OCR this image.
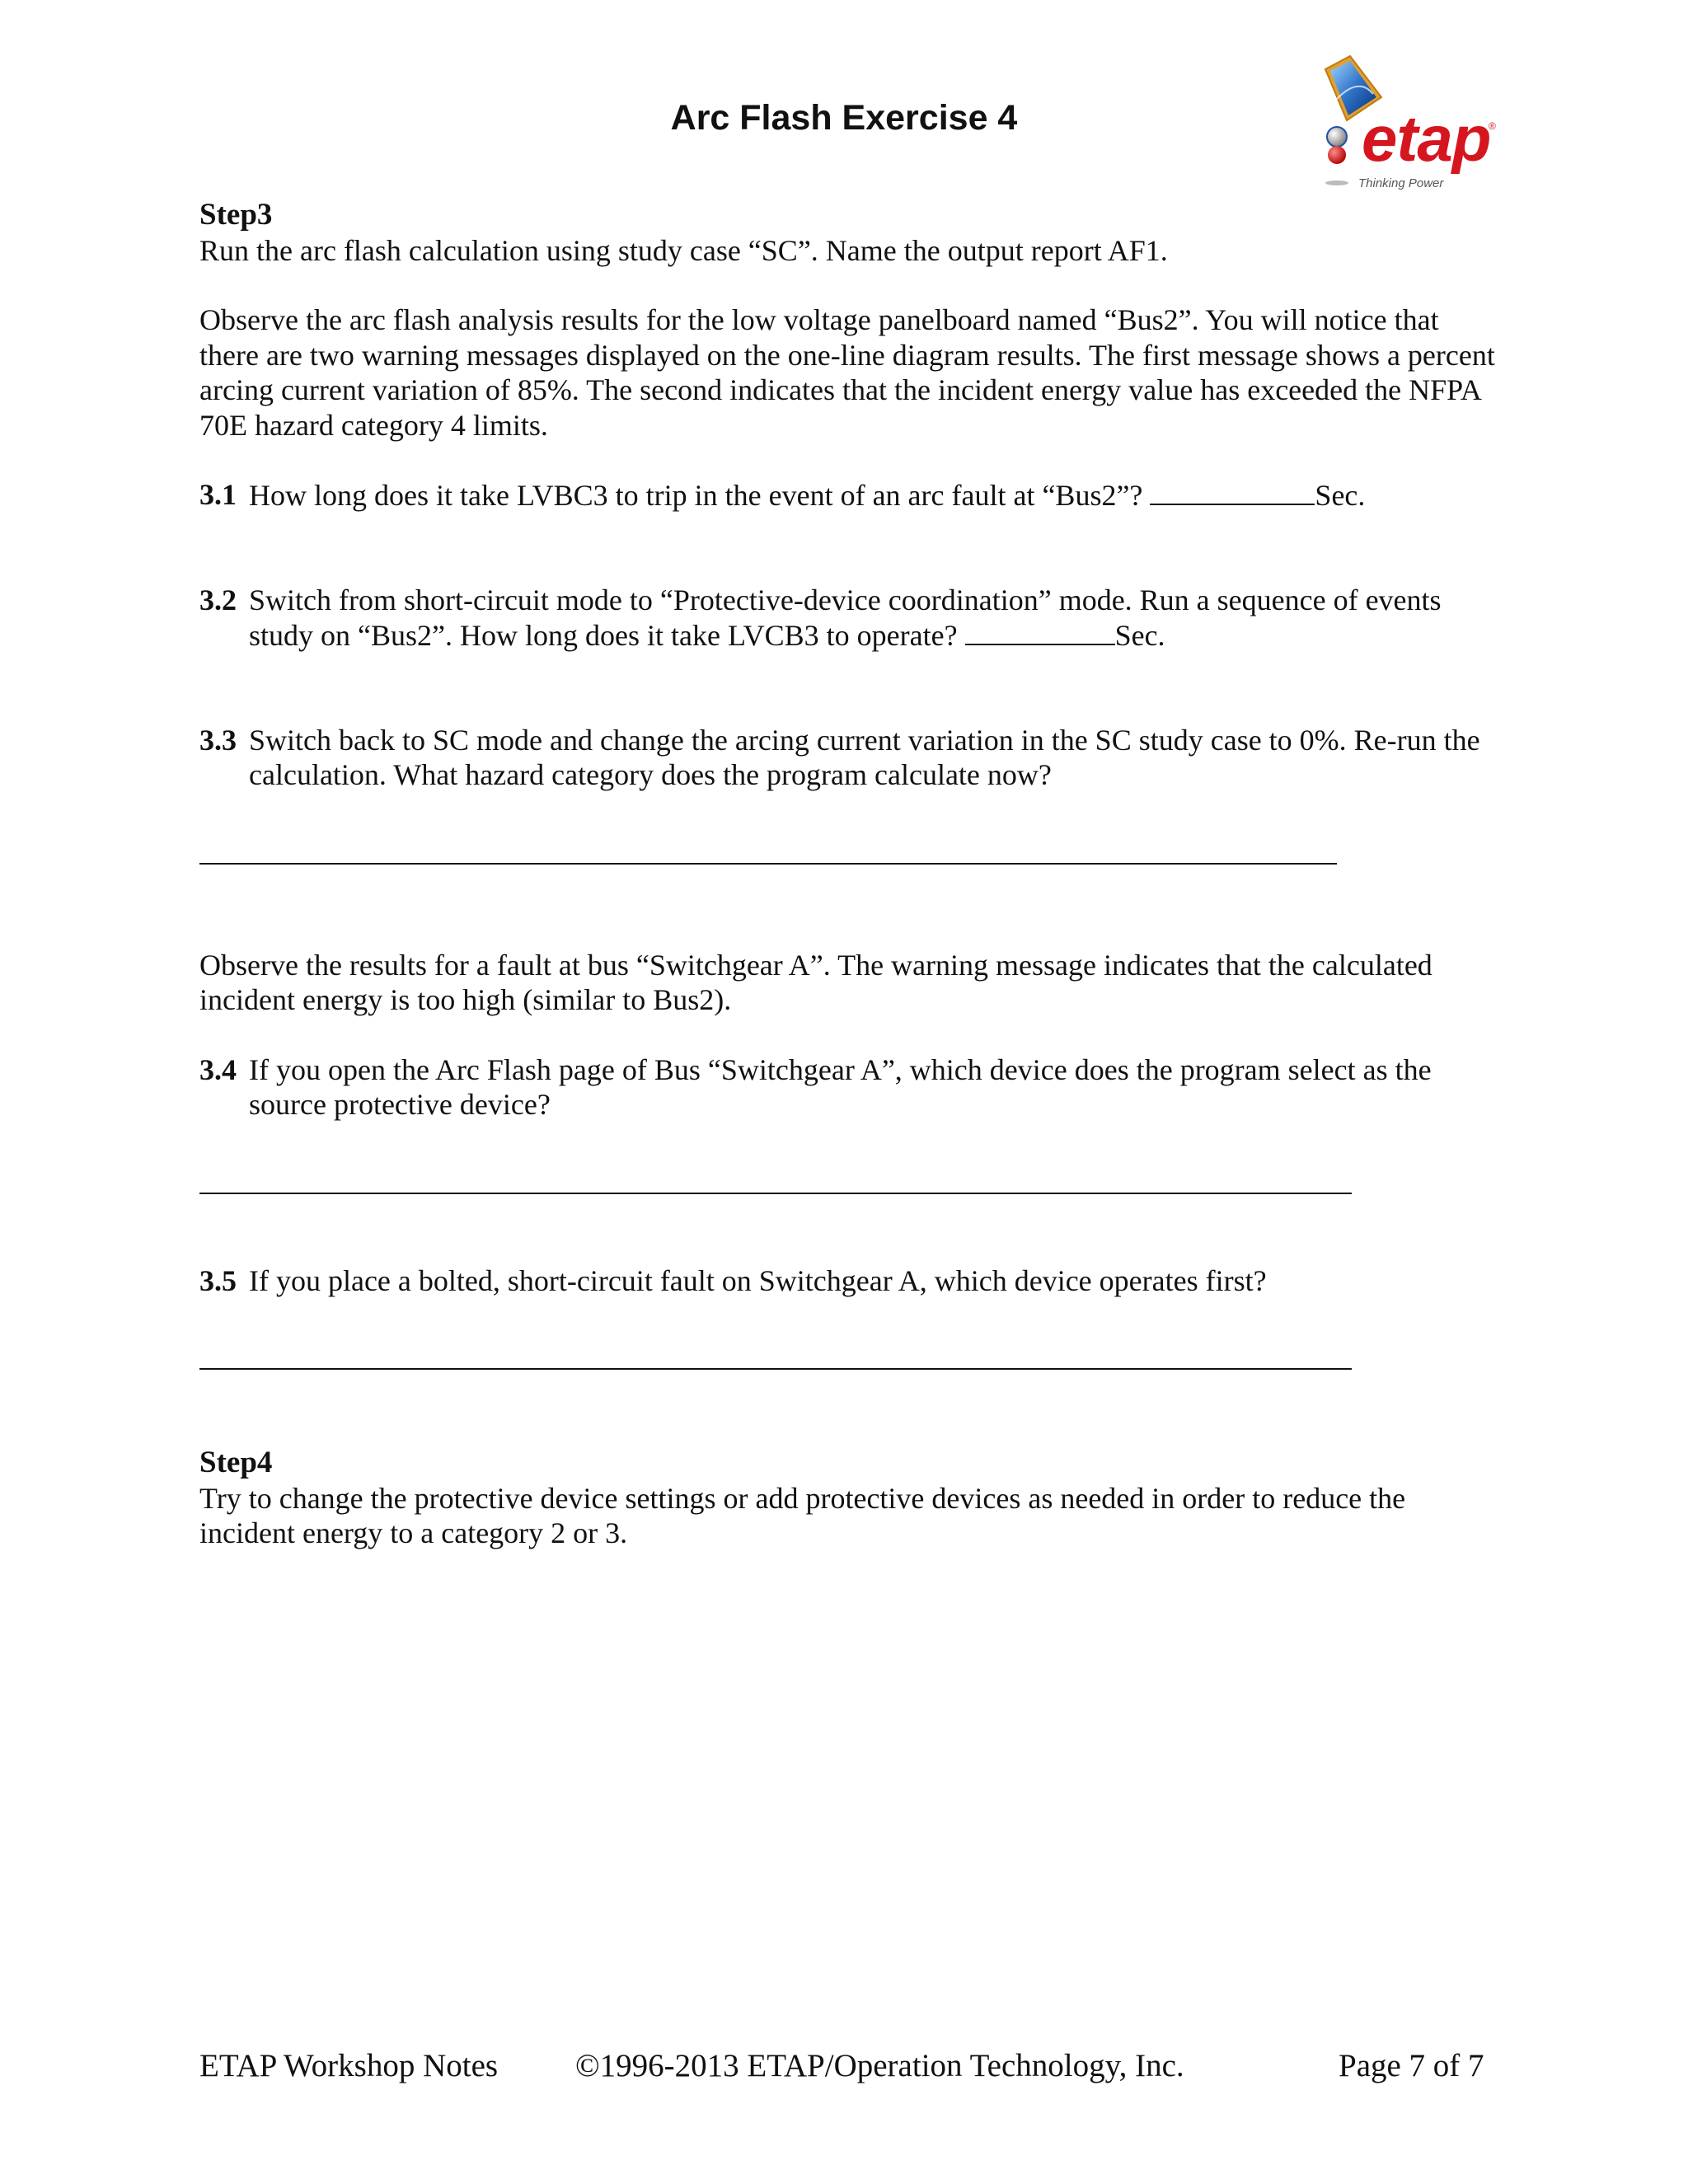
Arc Flash Exercise 4	etap
®
Thinking Power

Step3

Run the arc flash calculation using study case “SC”. Name the output report AF1.

Observe the arc flash analysis results for the low voltage panelboard named “Bus2”. You will notice that there are two warning messages displayed on the one-line diagram results. The first message shows a percent arcing current variation of 85%. The second indicates that the incident energy value has exceeded the NFPA 70E hazard category 4 limits.

3.1 How long does it take LVBC3 to trip in the event of an arc fault at “Bus2”?	Sec.
3.2 Switch from short-circuit mode to “Protective-device coordination” mode. Run a sequence of events study on “Bus2”. How long does it take LVCB3 to operate?	Sec.
3.3 Switch back to SC mode and change the arcing current variation in the SC study case to 0%. Re-run the calculation. What hazard category does the program calculate now?

Observe the results for a fault at bus “Switchgear A”. The warning message indicates that the calculated incident energy is too high (similar to Bus2).

3.4 If you open the Arc Flash page of Bus “Switchgear A”, which device does the program select as the source protective device?
3.5 If you place a bolted, short-circuit fault on Switchgear A, which device operates first?

Step4

Try to change the protective device settings or add protective devices as needed in order to reduce the incident energy to a category 2 or 3.

ETAP Workshop Notes ©1996-2013 ETAP/Operation Technology, Inc.	Page 7 of 7
